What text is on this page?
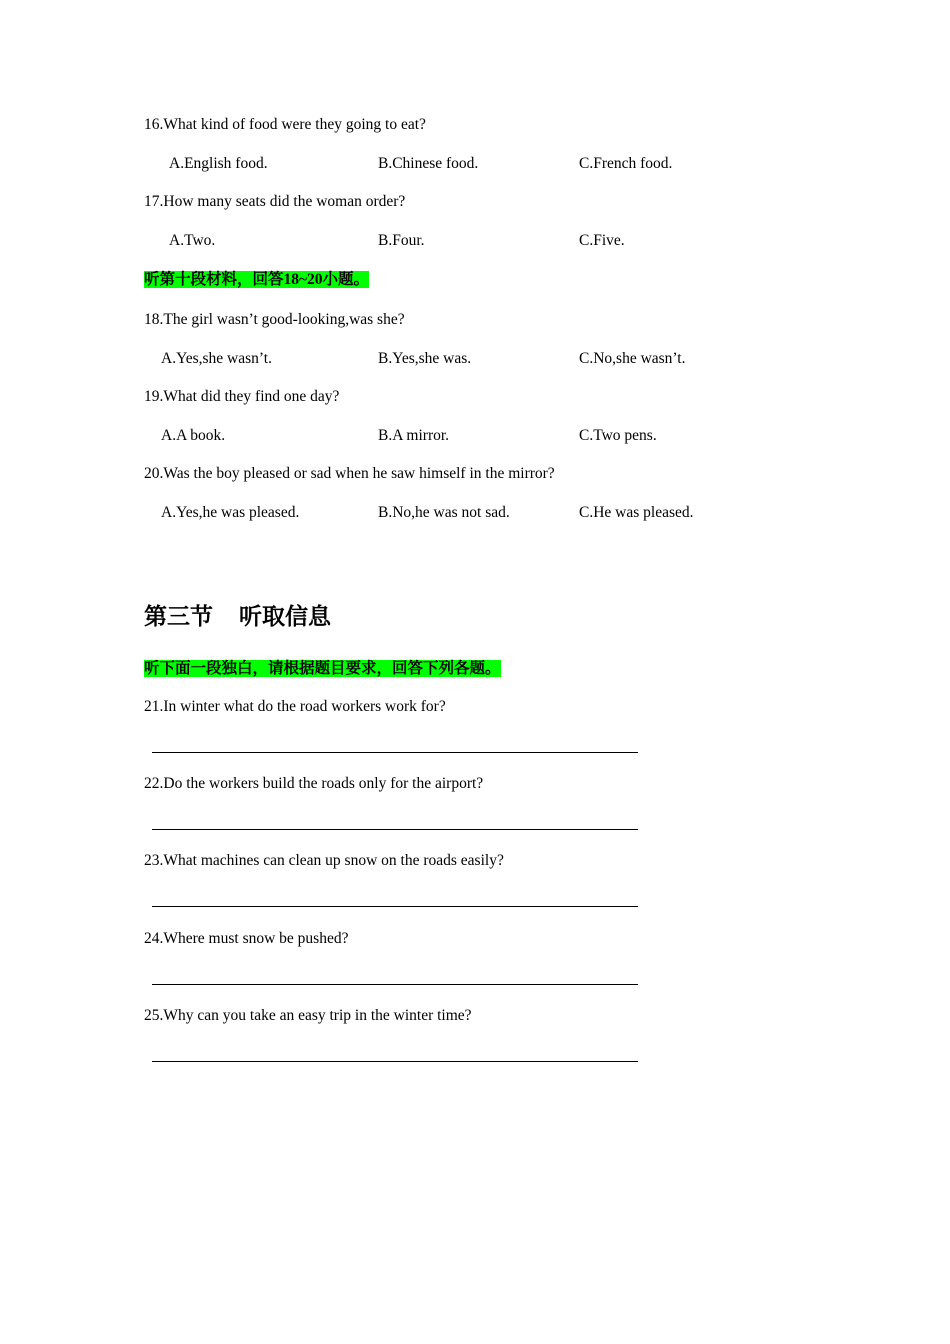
16.What kind of food were they going to eat?
A.English food.	B.Chinese food.	C.French food.
17.How many seats did the woman order?
A.Two.	B.Four.	C.Five.
听第十段材料，回答18~20小题。
18.The girl wasn’t good-looking,was she?
A.Yes,she wasn’t.	B.Yes,she was.	C.No,she wasn’t.
19.What did they find one day?
A.A book.	B.A mirror.	C.Two pens.
20.Was the boy pleased or sad when he saw himself in the mirror?
A.Yes,he was pleased.	B.No,he was not sad.	C.He was pleased.
第三节 听取信息
听下面一段独白，请根据题目要求，回答下列各题。
21.In winter what do the road workers work for?
22.Do the workers build the roads only for the airport?
23.What machines can clean up snow on the roads easily?
24.Where must snow be pushed?
25.Why can you take an easy trip in the winter time?
